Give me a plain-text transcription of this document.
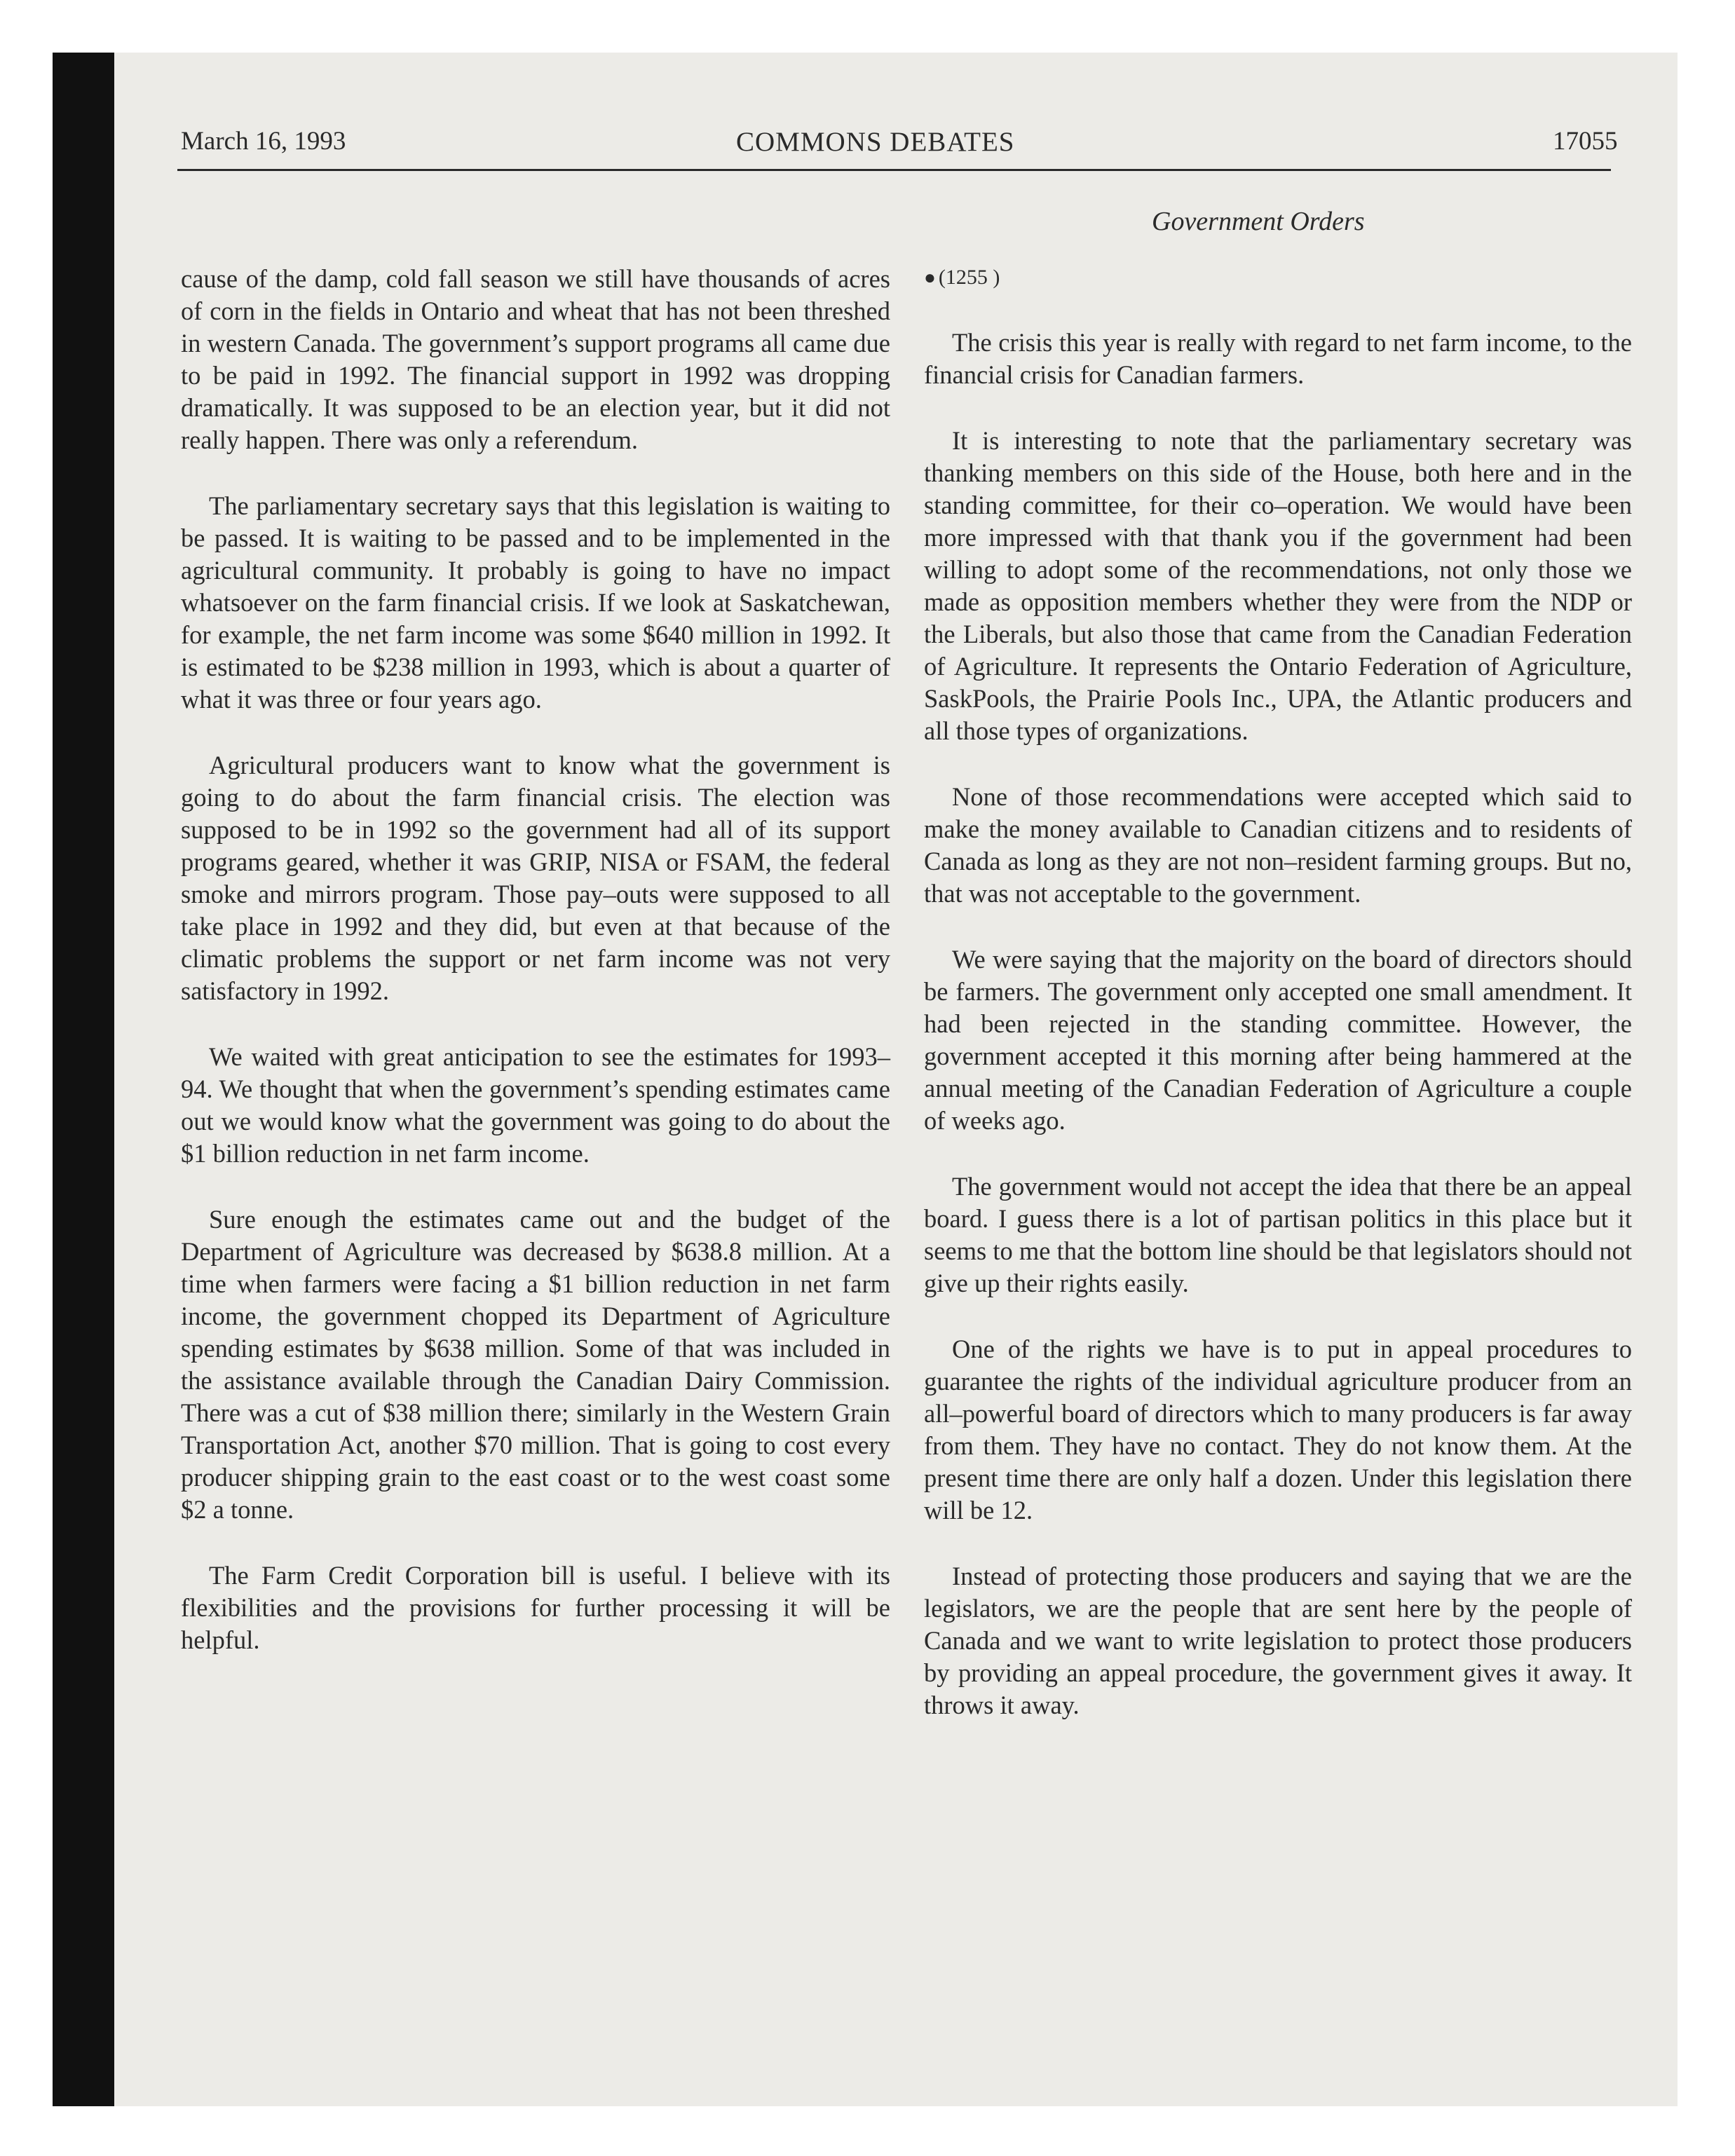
March 16, 1993	COMMONS DEBATES	17055
Government Orders

cause of the damp, cold fall season we still have thousands of acres of corn in the fields in Ontario and wheat that has not been threshed in western Canada. The government’s support programs all came due to be paid in 1992. The financial support in 1992 was dropping dramatically. It was supposed to be an election year, but it did not really happen. There was only a referendum.

The parliamentary secretary says that this legislation is waiting to be passed. It is waiting to be passed and to be implemented in the agricultural community. It probably is going to have no impact whatsoever on the farm financial crisis. If we look at Saskatchewan, for example, the net farm income was some $640 million in 1992. It is estimated to be $238 million in 1993, which is about a quarter of what it was three or four years ago.

Agricultural producers want to know what the government is going to do about the farm financial crisis. The election was supposed to be in 1992 so the government had all of its support programs geared, whether it was GRIP, NISA or FSAM, the federal smoke and mirrors program. Those pay–outs were supposed to all take place in 1992 and they did, but even at that because of the climatic problems the support or net farm income was not very satisfactory in 1992.

We waited with great anticipation to see the estimates for 1993–94. We thought that when the government’s spending estimates came out we would know what the government was going to do about the $1 billion reduction in net farm income.

Sure enough the estimates came out and the budget of the Department of Agriculture was decreased by $638.8 million. At a time when farmers were facing a $1 billion reduction in net farm income, the government chopped its Department of Agriculture spending estimates by $638 million. Some of that was included in the assistance available through the Canadian Dairy Commission. There was a cut of $38 million there; similarly in the Western Grain Transportation Act, another $70 million. That is going to cost every producer shipping grain to the east coast or to the west coast some $2 a tonne.

The Farm Credit Corporation bill is useful. I believe with its flexibilities and the provisions for further processing it will be helpful.

● (1255 )

The crisis this year is really with regard to net farm income, to the financial crisis for Canadian farmers.

It is interesting to note that the parliamentary secretary was thanking members on this side of the House, both here and in the standing committee, for their co–operation. We would have been more impressed with that thank you if the government had been willing to adopt some of the recommendations, not only those we made as opposition members whether they were from the NDP or the Liberals, but also those that came from the Canadian Federation of Agriculture. It represents the Ontario Federation of Agriculture, SaskPools, the Prairie Pools Inc., UPA, the Atlantic producers and all those types of organizations.

None of those recommendations were accepted which said to make the money available to Canadian citizens and to residents of Canada as long as they are not non–resident farming groups. But no, that was not acceptable to the government.

We were saying that the majority on the board of directors should be farmers. The government only accepted one small amendment. It had been rejected in the standing committee. However, the government accepted it this morning after being hammered at the annual meeting of the Canadian Federation of Agriculture a couple of weeks ago.

The government would not accept the idea that there be an appeal board. I guess there is a lot of partisan politics in this place but it seems to me that the bottom line should be that legislators should not give up their rights easily.

One of the rights we have is to put in appeal procedures to guarantee the rights of the individual agriculture producer from an all–powerful board of directors which to many producers is far away from them. They have no contact. They do not know them. At the present time there are only half a dozen. Under this legislation there will be 12.

Instead of protecting those producers and saying that we are the legislators, we are the people that are sent here by the people of Canada and we want to write legislation to protect those producers by providing an appeal procedure, the government gives it away. It throws it away.
